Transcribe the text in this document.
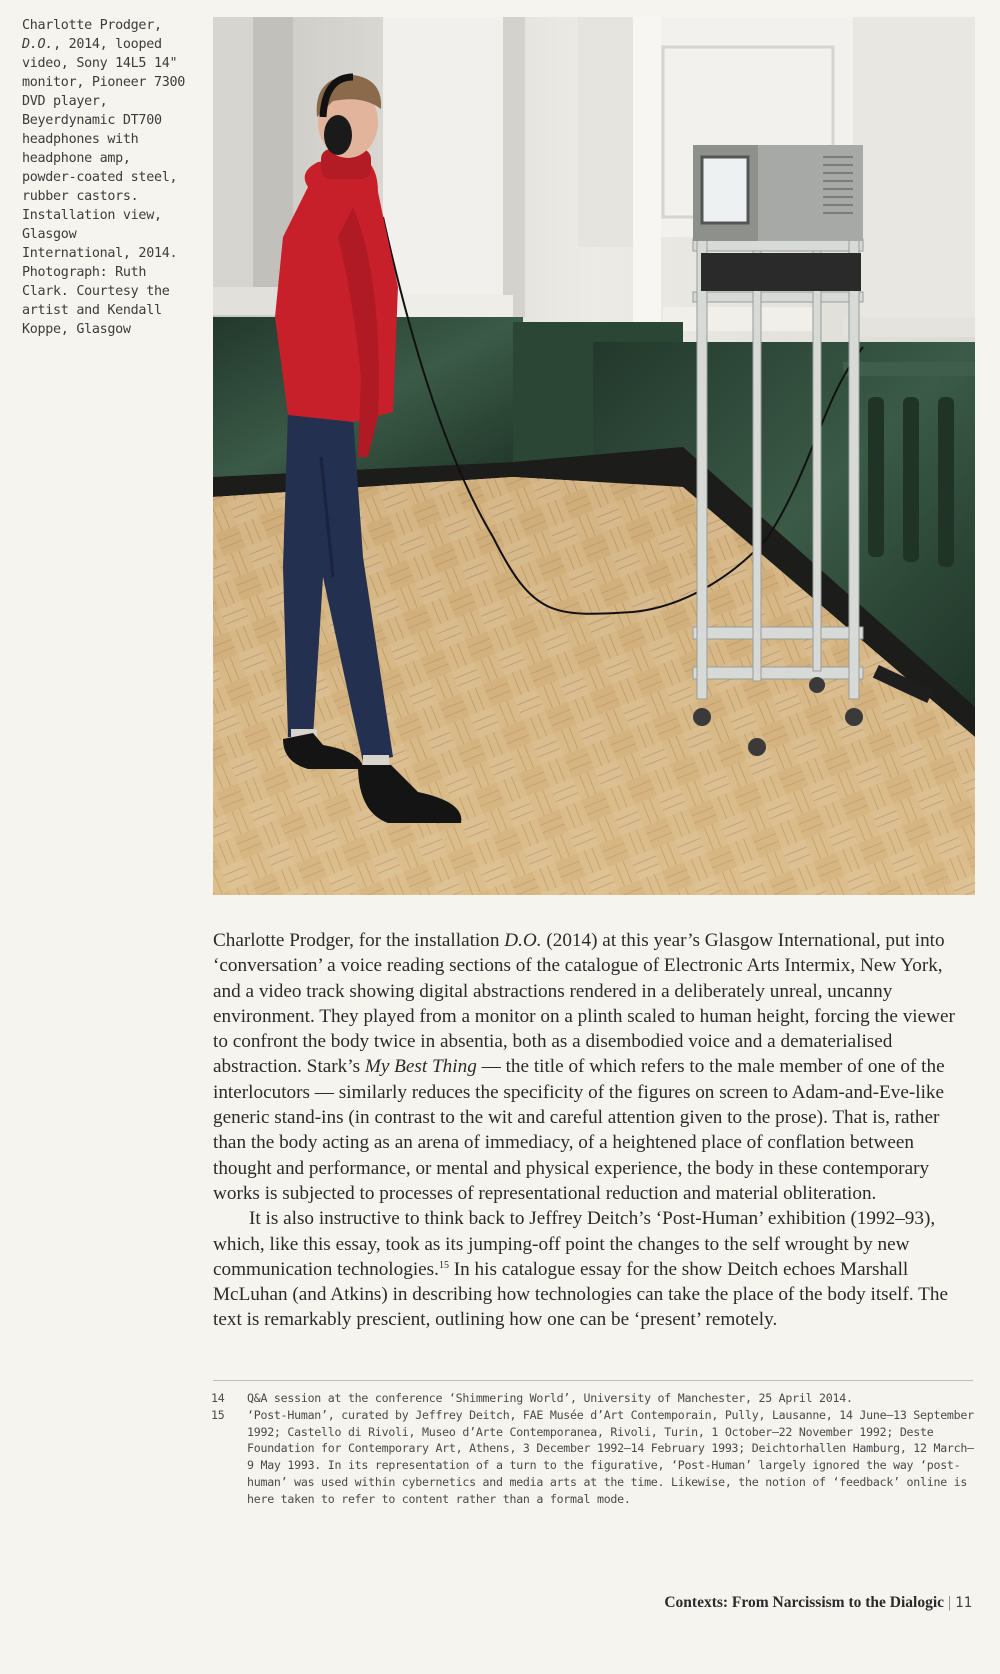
Charlotte Prodger, D.O., 2014, looped video, Sony 14L5 14" monitor, Pioneer 7300 DVD player, Beyerdynamic DT700 headphones with headphone amp, powder-coated steel, rubber castors. Installation view, Glasgow International, 2014. Photograph: Ruth Clark. Courtesy the artist and Kendall Koppe, Glasgow

Charlotte Prodger, for the installation D.O. (2014) at this year’s Glasgow International, put into ‘conversation’ a voice reading sections of the catalogue of Electronic Arts Intermix, New York, and a video track showing digital abstractions rendered in a deliberately unreal, uncanny environment. They played from a monitor on a plinth scaled to human height, forcing the viewer to confront the body twice in absentia, both as a disembodied voice and a dematerialised abstraction. Stark’s My Best Thing — the title of which refers to the male member of one of the interlocutors — similarly reduces the specificity of the figures on screen to Adam-and-Eve-like generic stand-ins (in contrast to the wit and careful attention given to the prose). That is, rather than the body acting as an arena of immediacy, of a heightened place of conflation between thought and performance, or mental and physical experience, the body in these contemporary works is subjected to processes of representational reduction and material obliteration.

It is also instructive to think back to Jeffrey Deitch’s ‘Post-Human’ exhibition (1992–93), which, like this essay, took as its jumping-off point the changes to the self wrought by new communication technologies.$^{15}$ In his catalogue essay for the show Deitch echoes Marshall McLuhan (and Atkins) in describing how technologies can take the place of the body itself. The text is remarkably prescient, outlining how one can be ‘present’ remotely.

14	Q&A session at the conference ‘Shimmering World’, University of Manchester, 25 April 2014.
15	‘Post-Human’, curated by Jeffrey Deitch, FAE Musée d’Art Contemporain, Pully, Lausanne, 14 June—13 September 1992; Castello di Rivoli, Museo d’Arte Contemporanea, Rivoli, Turin, 1 October—22 November 1992; Deste Foundation for Contemporary Art, Athens, 3 December 1992—14 February 1993; Deichtorhallen Hamburg, 12 March—9 May 1993. In its representation of a turn to the figurative, ‘Post-Human’ largely ignored the way ‘post-human’ was used within cybernetics and media arts at the time. Likewise, the notion of ‘feedback’ online is here taken to refer to content rather than a formal mode.
Contexts: From Narcissism to the Dialogic | 11
